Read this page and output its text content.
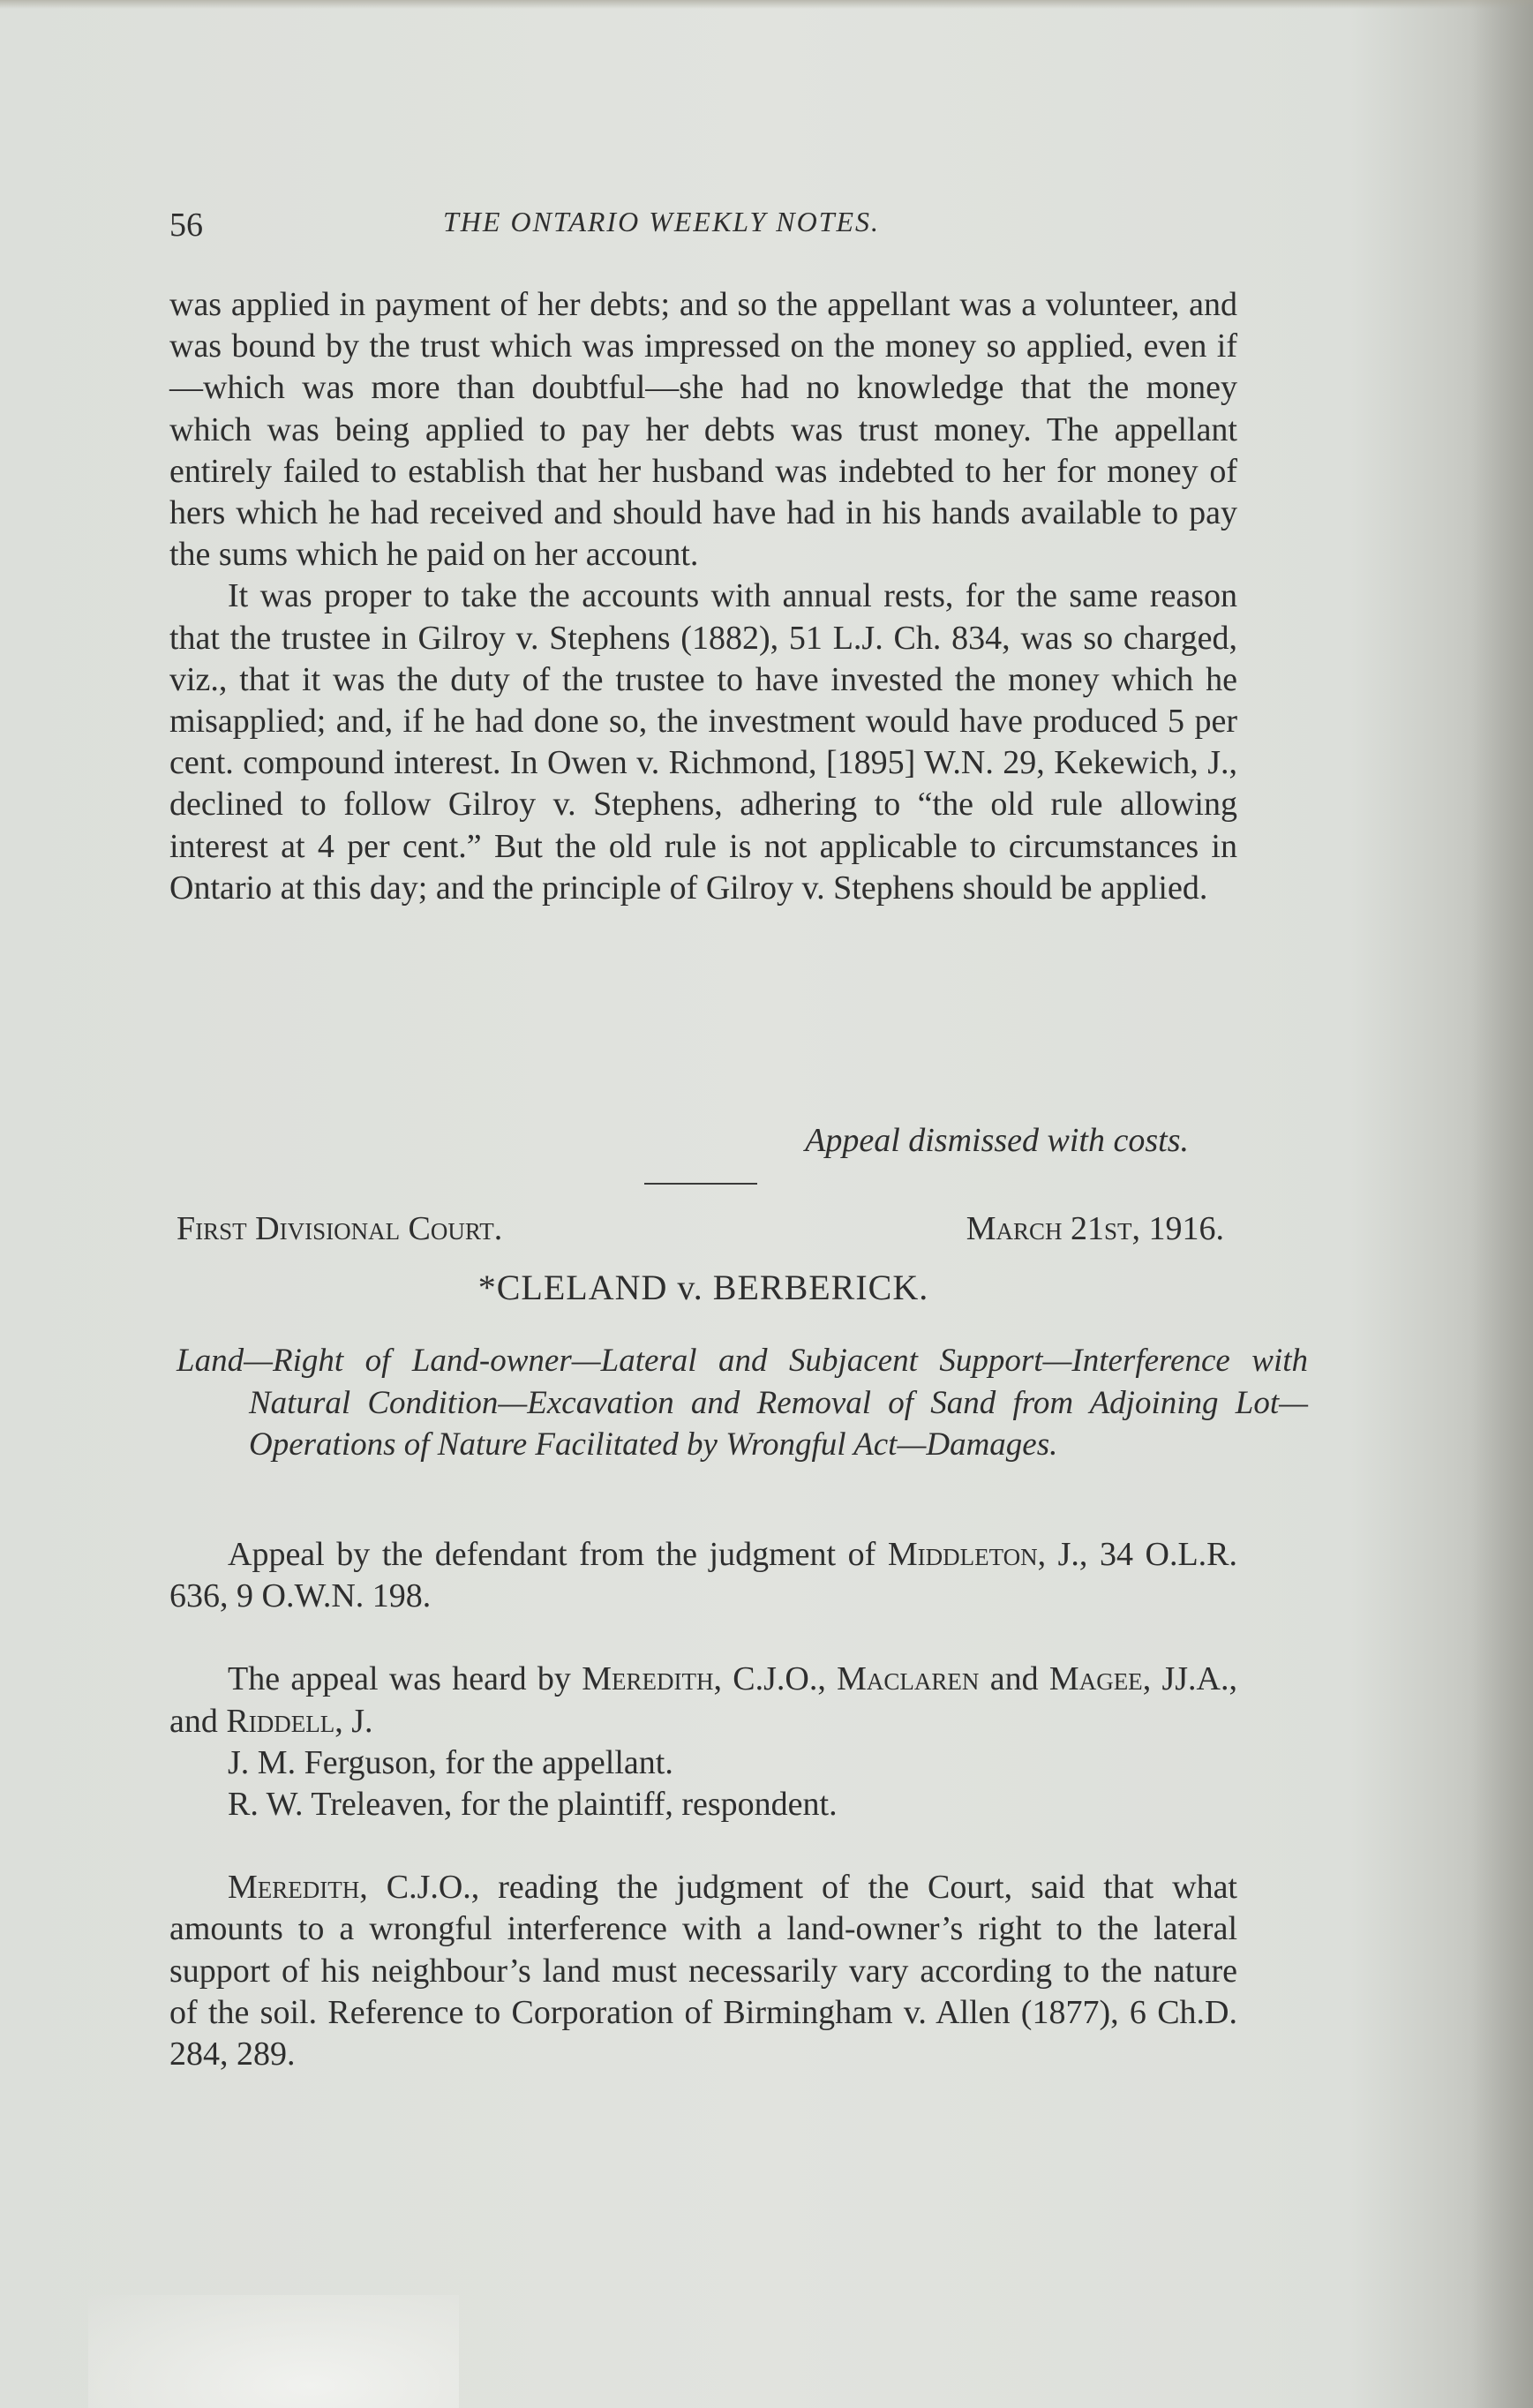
56	THE ONTARIO WEEKLY NOTES.

was applied in payment of her debts; and so the appellant was a volunteer, and was bound by the trust which was impressed on the money so applied, even if—which was more than doubtful—she had no knowledge that the money which was being applied to pay her debts was trust money. The appellant entirely failed to establish that her husband was indebted to her for money of hers which he had received and should have had in his hands available to pay the sums which he paid on her account.

It was proper to take the accounts with annual rests, for the same reason that the trustee in Gilroy v. Stephens (1882), 51 L.J. Ch. 834, was so charged, viz., that it was the duty of the trustee to have invested the money which he misapplied; and, if he had done so, the investment would have produced 5 per cent. compound interest. In Owen v. Richmond, [1895] W.N. 29, Kekewich, J., declined to follow Gilroy v. Stephens, adhering to “the old rule allowing interest at 4 per cent.” But the old rule is not applicable to circumstances in Ontario at this day; and the principle of Gilroy v. Stephens should be applied.

Appeal dismissed with costs.
First Divisional Court.	March 21st, 1916.
*CLELAND v. BERBERICK.
Land—Right of Land-owner—Lateral and Subjacent Support—Interference with Natural Condition—Excavation and Removal of Sand from Adjoining Lot—Operations of Nature Facilitated by Wrongful Act—Damages.

Appeal by the defendant from the judgment of Middleton, J., 34 O.L.R. 636, 9 O.W.N. 198.

The appeal was heard by Meredith, C.J.O., Maclaren and Magee, JJ.A., and Riddell, J.

J. M. Ferguson, for the appellant.

R. W. Treleaven, for the plaintiff, respondent.

Meredith, C.J.O., reading the judgment of the Court, said that what amounts to a wrongful interference with a land-owner’s right to the lateral support of his neighbour’s land must necessarily vary according to the nature of the soil. Reference to Corporation of Birmingham v. Allen (1877), 6 Ch.D. 284, 289.
